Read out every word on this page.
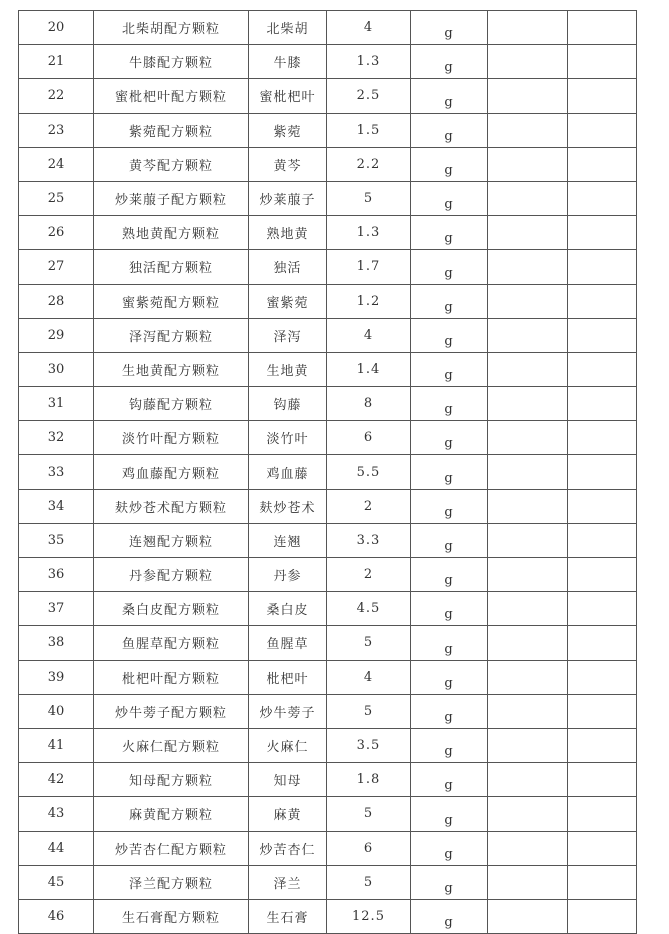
20	北柴胡配方颗粒	北柴胡	4	g		
21	牛膝配方颗粒	牛膝	1.3	g		
22	蜜枇杷叶配方颗粒	蜜枇杷叶	2.5	g		
23	紫菀配方颗粒	紫菀	1.5	g		
24	黄芩配方颗粒	黄芩	2.2	g		
25	炒莱菔子配方颗粒	炒莱菔子	5	g		
26	熟地黄配方颗粒	熟地黄	1.3	g		
27	独活配方颗粒	独活	1.7	g		
28	蜜紫菀配方颗粒	蜜紫菀	1.2	g		
29	泽泻配方颗粒	泽泻	4	g		
30	生地黄配方颗粒	生地黄	1.4	g		
31	钩藤配方颗粒	钩藤	8	g		
32	淡竹叶配方颗粒	淡竹叶	6	g		
33	鸡血藤配方颗粒	鸡血藤	5.5	g		
34	麸炒苍术配方颗粒	麸炒苍术	2	g		
35	连翘配方颗粒	连翘	3.3	g		
36	丹参配方颗粒	丹参	2	g		
37	桑白皮配方颗粒	桑白皮	4.5	g		
38	鱼腥草配方颗粒	鱼腥草	5	g		
39	枇杷叶配方颗粒	枇杷叶	4	g		
40	炒牛蒡子配方颗粒	炒牛蒡子	5	g		
41	火麻仁配方颗粒	火麻仁	3.5	g		
42	知母配方颗粒	知母	1.8	g		
43	麻黄配方颗粒	麻黄	5	g		
44	炒苦杏仁配方颗粒	炒苦杏仁	6	g		
45	泽兰配方颗粒	泽兰	5	g		
46	生石膏配方颗粒	生石膏	12.5	g		
